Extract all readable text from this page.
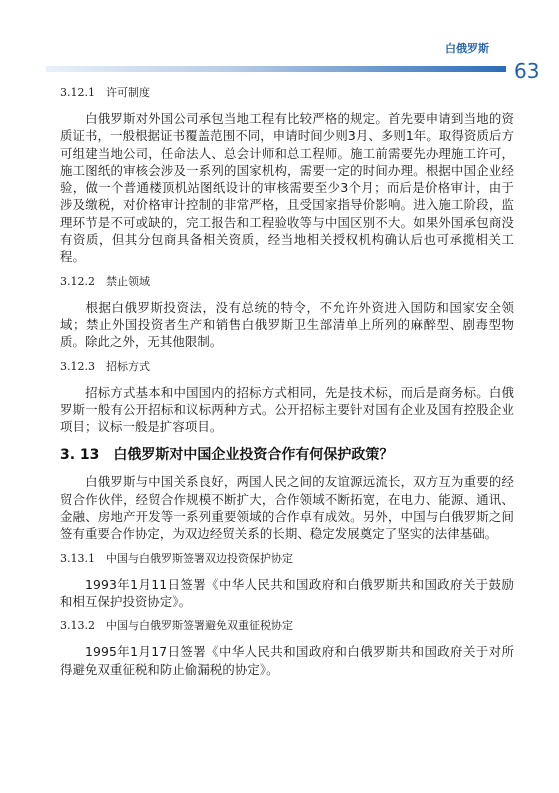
白俄罗斯
63
3.12.1　许可制度

白俄罗斯对外国公司承包当地工程有比较严格的规定。首先要申请到当地的资质证书，一般根据证书覆盖范围不同，申请时间少则3月、多则1年。取得资质后方可组建当地公司，任命法人、总会计师和总工程师。施工前需要先办理施工许可，施工图纸的审核会涉及一系列的国家机构，需要一定的时间办理。根据中国企业经验，做一个普通楼顶机站图纸设计的审核需要至少3个月；而后是价格审计，由于涉及缴税，对价格审计控制的非常严格，且受国家指导价影响。进入施工阶段，监理环节是不可或缺的，完工报告和工程验收等与中国区别不大。如果外国承包商没有资质，但其分包商具备相关资质，经当地相关授权机构确认后也可承揽相关工程。

3.12.2　禁止领域

根据白俄罗斯投资法，没有总统的特令，不允许外资进入国防和国家安全领域；禁止外国投资者生产和销售白俄罗斯卫生部清单上所列的麻醉型、剧毒型物质。除此之外，无其他限制。

3.12.3　招标方式

招标方式基本和中国国内的招标方式相同，先是技术标，而后是商务标。白俄罗斯一般有公开招标和议标两种方式。公开招标主要针对国有企业及国有控股企业项目；议标一般是扩容项目。

3. 13　白俄罗斯对中国企业投资合作有何保护政策？

白俄罗斯与中国关系良好，两国人民之间的友谊源远流长，双方互为重要的经贸合作伙伴，经贸合作规模不断扩大，合作领域不断拓宽，在电力、能源、通讯、金融、房地产开发等一系列重要领域的合作卓有成效。另外，中国与白俄罗斯之间签有重要合作协定，为双边经贸关系的长期、稳定发展奠定了坚实的法律基础。

3.13.1　中国与白俄罗斯签署双边投资保护协定

1993年1月11日签署《中华人民共和国政府和白俄罗斯共和国政府关于鼓励和相互保护投资协定》。

3.13.2　中国与白俄罗斯签署避免双重征税协定

1995年1月17日签署《中华人民共和国政府和白俄罗斯共和国政府关于对所得避免双重征税和防止偷漏税的协定》。
